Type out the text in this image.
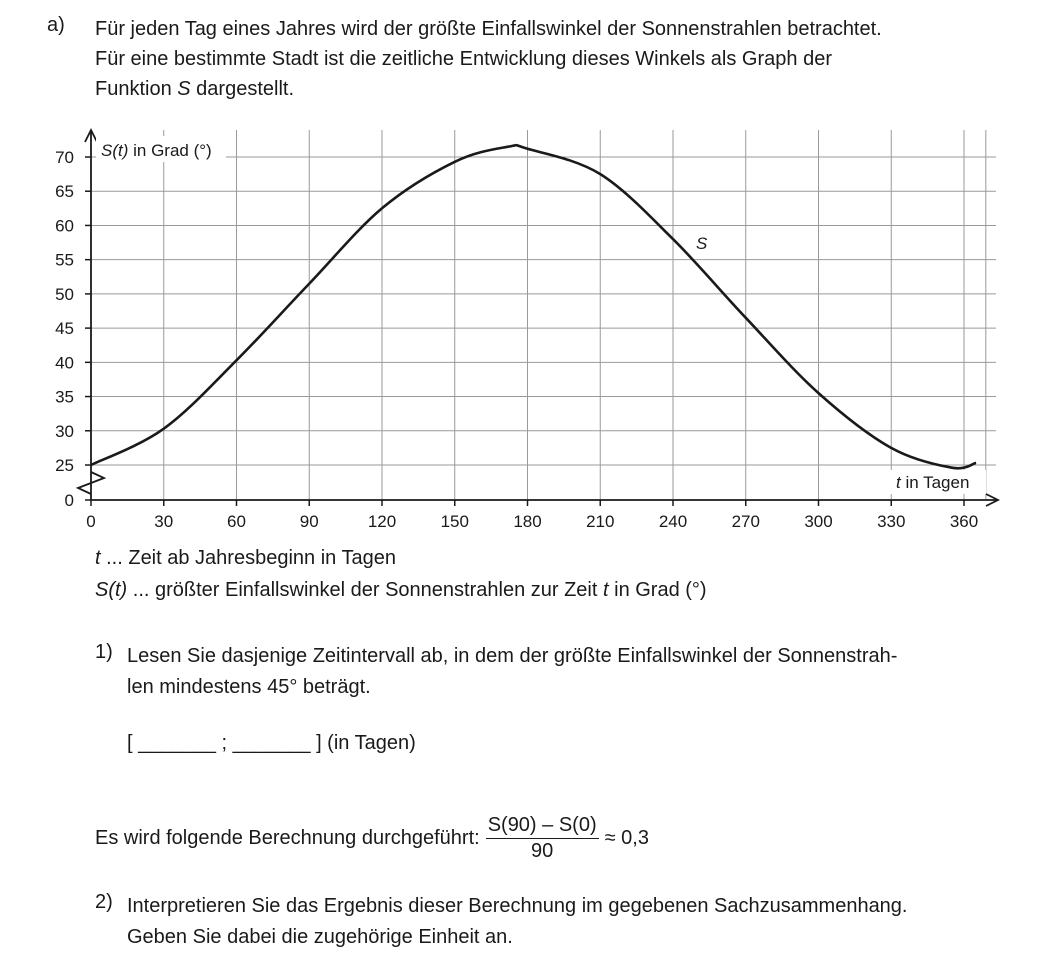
a) Für jeden Tag eines Jahres wird der größte Einfallswinkel der Sonnenstrahlen betrachtet.
Für eine bestimmte Stadt ist die zeitliche Entwicklung dieses Winkels als Graph der
Funktion S dargestellt.
0
25
30
35
40
45
50
55
60
65
70
0	30	60	90	120	150	180	210	240	270	300	330	360
S(t) in Grad (°)
t in Tagen
S
t ... Zeit ab Jahresbeginn in Tagen
S(t) ... größter Einfallswinkel der Sonnenstrahlen zur Zeit t in Grad (°)
1) Lesen Sie dasjenige Zeitintervall ab, in dem der größte Einfallswinkel der Sonnenstrah-
len mindestens 45° beträgt.
[ _______ ; _______ ] (in Tagen)
Es wird folgende Berechnung durchgeführt: $\frac{S(90) - S(0)}{90} \approx 0,3$
2) Interpretieren Sie das Ergebnis dieser Berechnung im gegebenen Sachzusammenhang.
Geben Sie dabei die zugehörige Einheit an.
